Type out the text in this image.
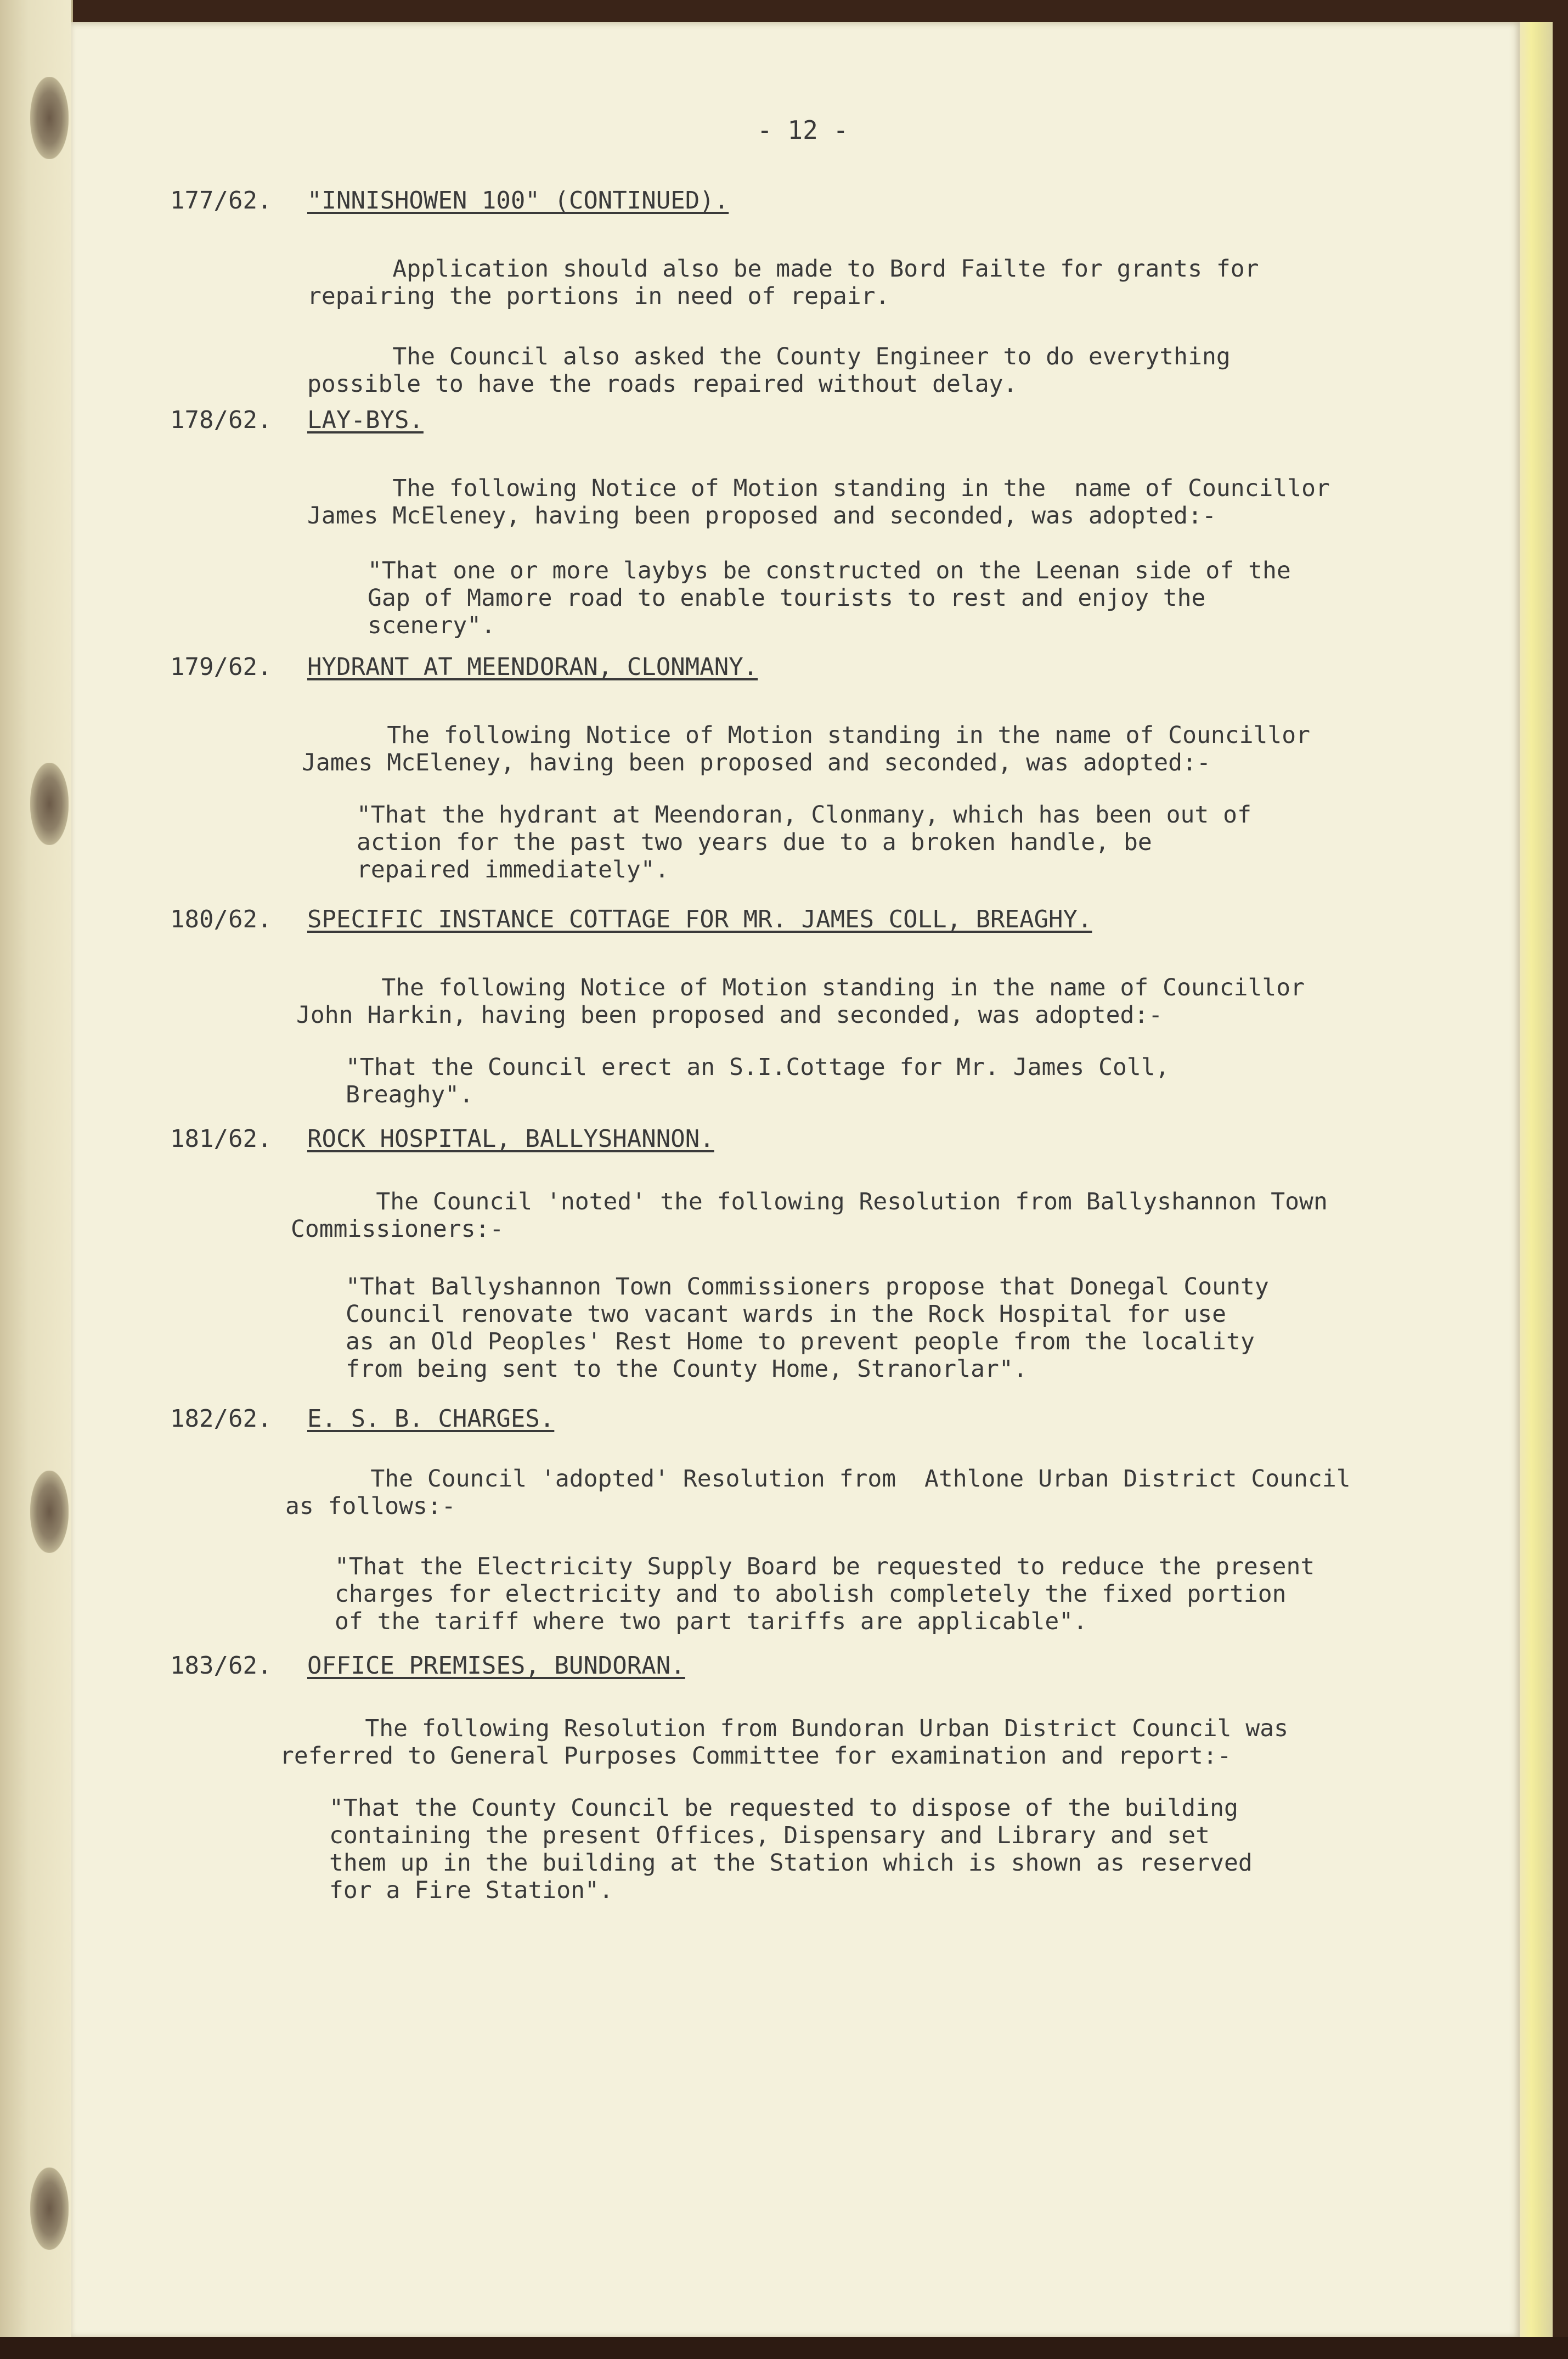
- 12 -
177/62. "INNISHOWEN 100" (CONTINUED).
Application should also be made to Bord Failte for grants for
repairing the portions in need of repair.
The Council also asked the County Engineer to do everything
possible to have the roads repaired without delay.
178/62. LAY-BYS.
The following Notice of Motion standing in the  name of Councillor
James McEleney, having been proposed and seconded, was adopted:-
"That one or more laybys be constructed on the Leenan side of the
Gap of Mamore road to enable tourists to rest and enjoy the
scenery".
179/62. HYDRANT AT MEENDORAN, CLONMANY.
The following Notice of Motion standing in the name of Councillor
James McEleney, having been proposed and seconded, was adopted:-
"That the hydrant at Meendoran, Clonmany, which has been out of
action for the past two years due to a broken handle, be
repaired immediately".
180/62. SPECIFIC INSTANCE COTTAGE FOR MR. JAMES COLL, BREAGHY.
The following Notice of Motion standing in the name of Councillor
John Harkin, having been proposed and seconded, was adopted:-
"That the Council erect an S.I.Cottage for Mr. James Coll,
Breaghy".
181/62. ROCK HOSPITAL, BALLYSHANNON.
The Council 'noted' the following Resolution from Ballyshannon Town
Commissioners:-
"That Ballyshannon Town Commissioners propose that Donegal County
Council renovate two vacant wards in the Rock Hospital for use
as an Old Peoples' Rest Home to prevent people from the locality
from being sent to the County Home, Stranorlar".
182/62. E. S. B. CHARGES.
The Council 'adopted' Resolution from  Athlone Urban District Council
as follows:-
"That the Electricity Supply Board be requested to reduce the present
charges for electricity and to abolish completely the fixed portion
of the tariff where two part tariffs are applicable".
183/62. OFFICE PREMISES, BUNDORAN.
The following Resolution from Bundoran Urban District Council was
referred to General Purposes Committee for examination and report:-
"That the County Council be requested to dispose of the building
containing the present Offices, Dispensary and Library and set
them up in the building at the Station which is shown as reserved
for a Fire Station".
